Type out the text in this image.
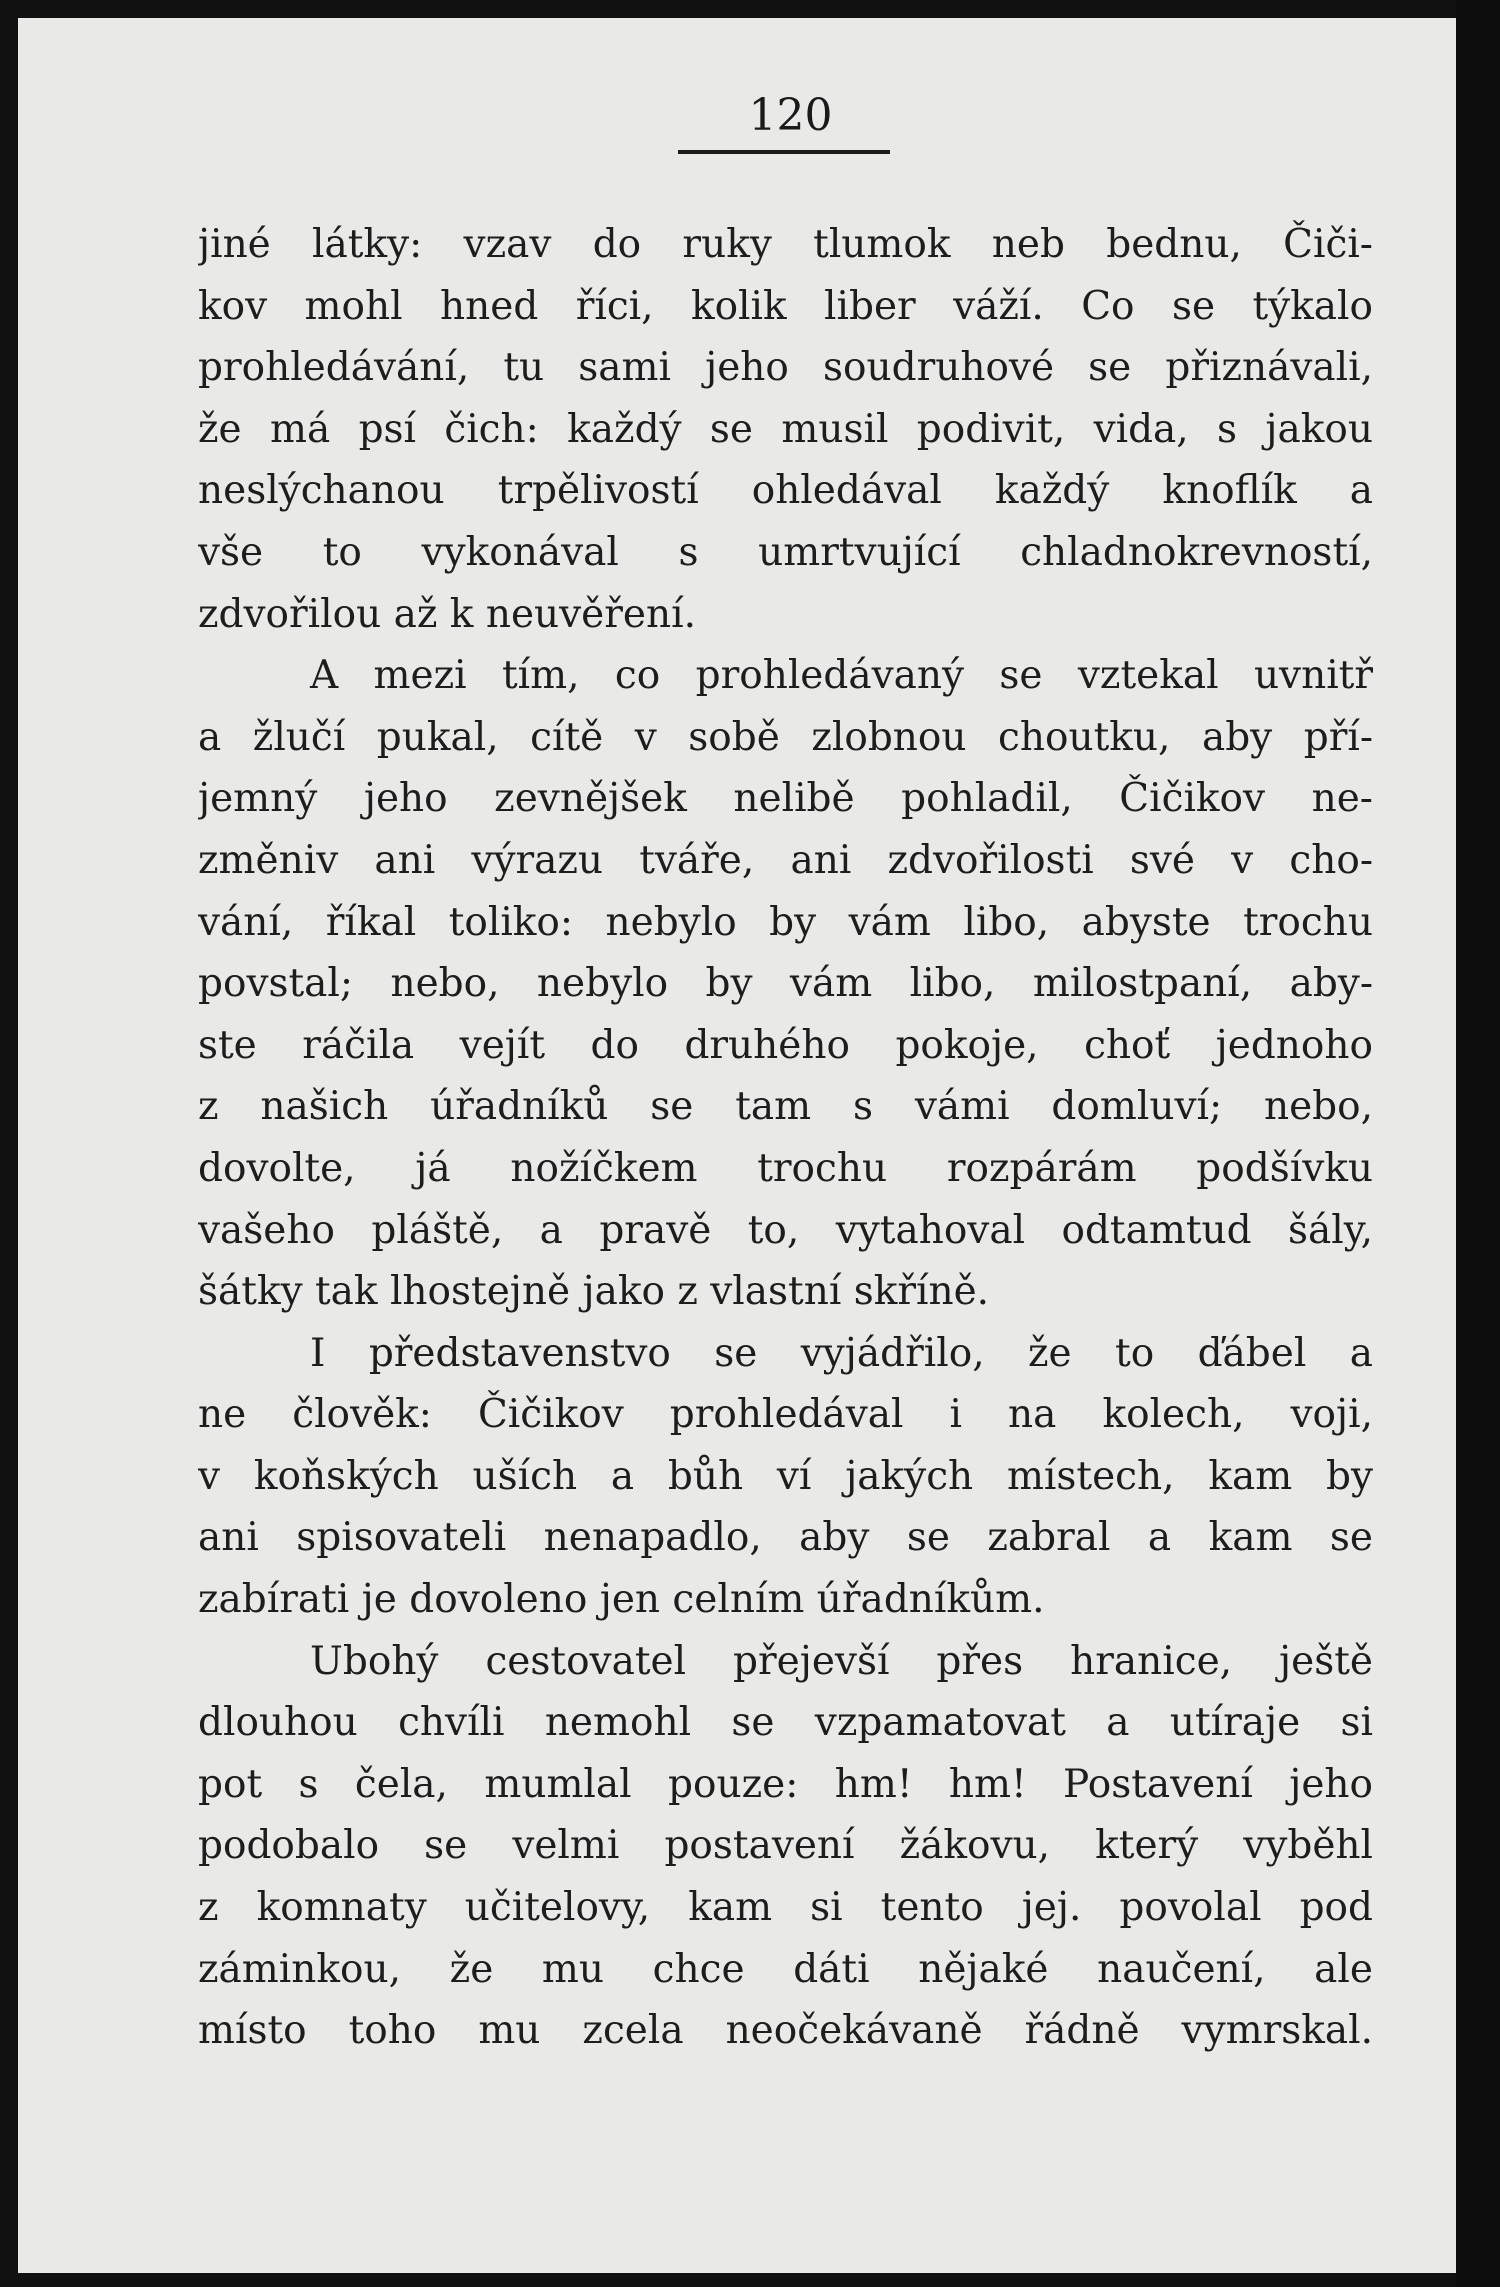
120
jiné látky: vzav do ruky tlumok neb bednu, Čiči-
kov mohl hned říci, kolik liber váží. Co se týkalo
prohledávání, tu sami jeho soudruhové se přiznávali,
že má psí čich: každý se musil podivit, vida, s jakou
neslýchanou trpělivostí ohledával každý knoflík a
vše to vykonával s umrtvující chladnokrevností,
zdvořilou až k neuvěření.
A mezi tím, co prohledávaný se vztekal uvnitř
a žlučí pukal, cítě v sobě zlobnou choutku, aby pří-
jemný jeho zevnějšek nelibě pohladil, Čičikov ne-
změniv ani výrazu tváře, ani zdvořilosti své v cho-
vání, říkal toliko: nebylo by vám libo, abyste trochu
povstal; nebo, nebylo by vám libo, milostpaní, aby-
ste ráčila vejít do druhého pokoje, choť jednoho
z našich úřadníků se tam s vámi domluví; nebo,
dovolte, já nožíčkem trochu rozpárám podšívku
vašeho pláště, a pravě to, vytahoval odtamtud šály,
šátky tak lhostejně jako z vlastní skříně.
I představenstvo se vyjádřilo, že to ďábel a
ne člověk: Čičikov prohledával i na kolech, voji,
v koňských uších a bůh ví jakých místech, kam by
ani spisovateli nenapadlo, aby se zabral a kam se
zabírati je dovoleno jen celním úřadníkům.
Ubohý cestovatel přejevší přes hranice, ještě
dlouhou chvíli nemohl se vzpamatovat a utíraje si
pot s čela, mumlal pouze: hm! hm! Postavení jeho
podobalo se velmi postavení žákovu, který vyběhl
z komnaty učitelovy, kam si tento jej. povolal pod
záminkou, že mu chce dáti nějaké naučení, ale
místo toho mu zcela neočekávaně řádně vymrskal.
